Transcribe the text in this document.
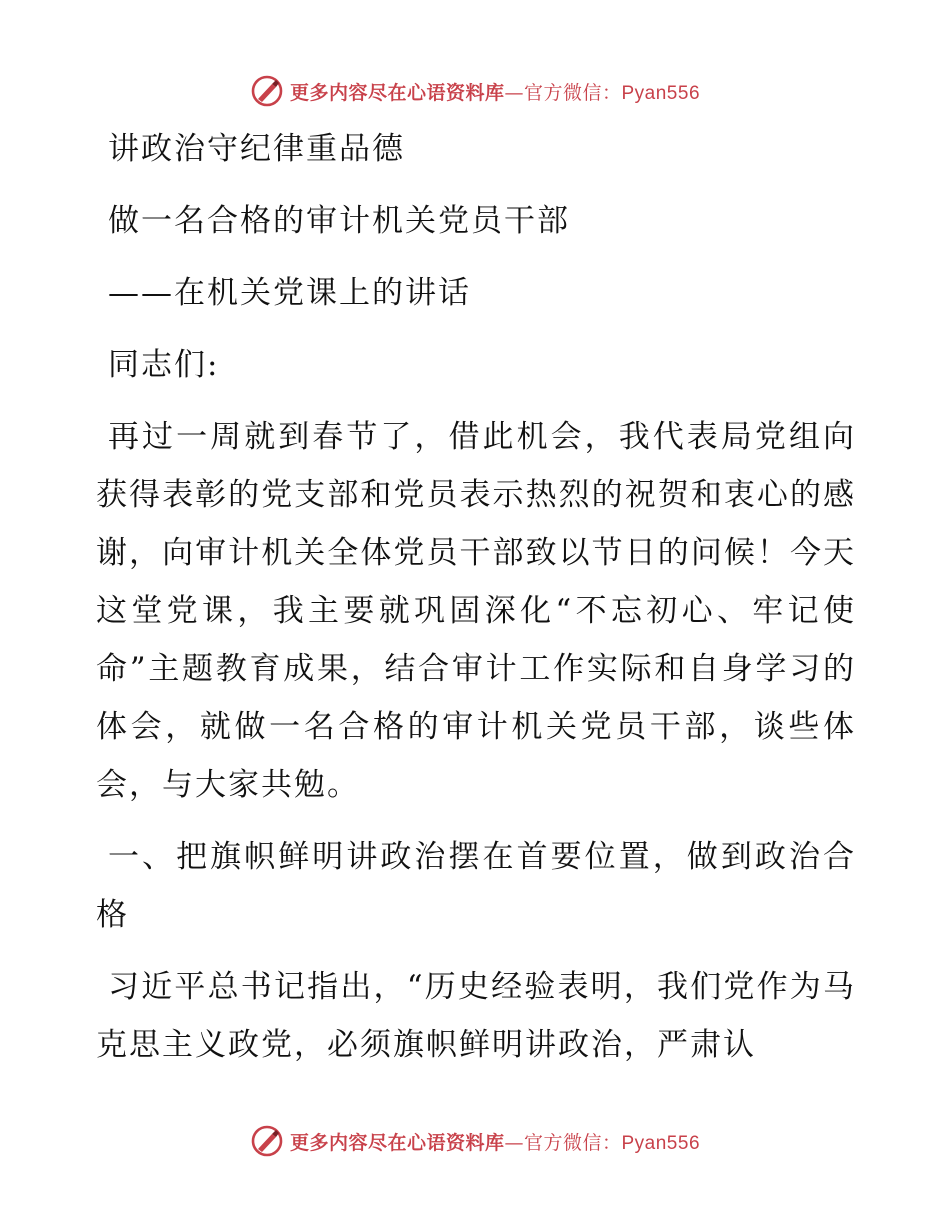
更多内容尽在心语资料库—官方微信：Pyan556

讲政治守纪律重品德

做一名合格的审计机关党员干部

——在机关党课上的讲话

同志们:

再过一周就到春节了，借此机会，我代表局党组向获得表彰的党支部和党员表示热烈的祝贺和衷心的感谢，向审计机关全体党员干部致以节日的问候！今天这堂党课，我主要就巩固深化“不忘初心、牢记使命”主题教育成果，结合审计工作实际和自身学习的体会，就做一名合格的审计机关党员干部，谈些体会，与大家共勉。

一、把旗帜鲜明讲政治摆在首要位置，做到政治合格

习近平总书记指出，“历史经验表明，我们党作为马克思主义政党，必须旗帜鲜明讲政治，严肃认

更多内容尽在心语资料库—官方微信：Pyan556
